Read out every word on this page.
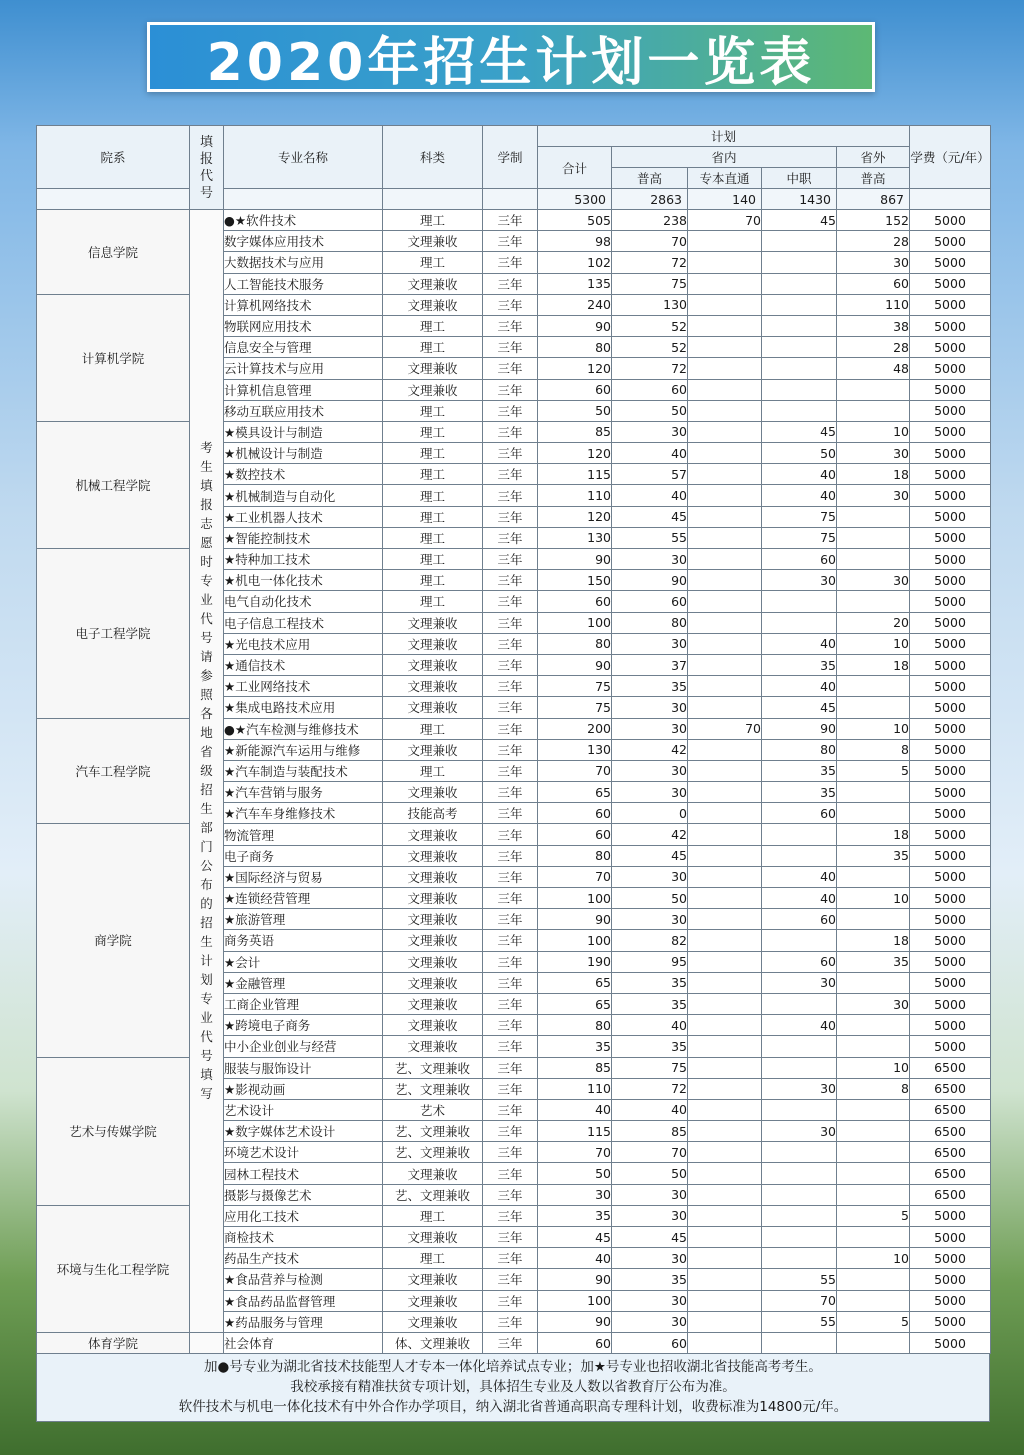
2020年招生计划一览表
院系	填报代号	专业名称	科类	学制	计划					学费（元/年）
					合计	省内			省外	
						普高	专本直通	中职	普高	
					5300	2863	140	1430	867	
信息学院	考生填报志愿时专业代号请参照各地省级招生部门公布的招生计划专业代号填写	●★软件技术	理工	三年	505	238	70	45	152	5000
		数字媒体应用技术	文理兼收	三年	98	70			28	5000
		大数据技术与应用	理工	三年	102	72			30	5000
		人工智能技术服务	文理兼收	三年	135	75			60	5000
计算机学院		计算机网络技术	文理兼收	三年	240	130			110	5000
		物联网应用技术	理工	三年	90	52			38	5000
		信息安全与管理	理工	三年	80	52			28	5000
		云计算技术与应用	文理兼收	三年	120	72			48	5000
		计算机信息管理	文理兼收	三年	60	60				5000
		移动互联应用技术	理工	三年	50	50				5000
机械工程学院		★模具设计与制造	理工	三年	85	30		45	10	5000
		★机械设计与制造	理工	三年	120	40		50	30	5000
		★数控技术	理工	三年	115	57		40	18	5000
		★机械制造与自动化	理工	三年	110	40		40	30	5000
		★工业机器人技术	理工	三年	120	45		75		5000
		★智能控制技术	理工	三年	130	55		75		5000
电子工程学院		★特种加工技术	理工	三年	90	30		60		5000
		★机电一体化技术	理工	三年	150	90		30	30	5000
		电气自动化技术	理工	三年	60	60				5000
		电子信息工程技术	文理兼收	三年	100	80			20	5000
		★光电技术应用	文理兼收	三年	80	30		40	10	5000
		★通信技术	文理兼收	三年	90	37		35	18	5000
		★工业网络技术	文理兼收	三年	75	35		40		5000
		★集成电路技术应用	文理兼收	三年	75	30		45		5000
汽车工程学院		●★汽车检测与维修技术	理工	三年	200	30	70	90	10	5000
		★新能源汽车运用与维修	文理兼收	三年	130	42		80	8	5000
		★汽车制造与装配技术	理工	三年	70	30		35	5	5000
		★汽车营销与服务	文理兼收	三年	65	30		35		5000
		★汽车车身维修技术	技能高考	三年	60	0		60		5000
商学院		物流管理	文理兼收	三年	60	42			18	5000
		电子商务	文理兼收	三年	80	45			35	5000
		★国际经济与贸易	文理兼收	三年	70	30		40		5000
		★连锁经营管理	文理兼收	三年	100	50		40	10	5000
		★旅游管理	文理兼收	三年	90	30		60		5000
		商务英语	文理兼收	三年	100	82			18	5000
		★会计	文理兼收	三年	190	95		60	35	5000
		★金融管理	文理兼收	三年	65	35		30		5000
		工商企业管理	文理兼收	三年	65	35			30	5000
		★跨境电子商务	文理兼收	三年	80	40		40		5000
		中小企业创业与经营	文理兼收	三年	35	35				5000
艺术与传媒学院		服装与服饰设计	艺、文理兼收	三年	85	75			10	6500
		★影视动画	艺、文理兼收	三年	110	72		30	8	6500
		艺术设计	艺术	三年	40	40				6500
		★数字媒体艺术设计	艺、文理兼收	三年	115	85		30		6500
		环境艺术设计	艺、文理兼收	三年	70	70				6500
		园林工程技术	文理兼收	三年	50	50				6500
		摄影与摄像艺术	艺、文理兼收	三年	30	30				6500
环境与生化工程学院		应用化工技术	理工	三年	35	30			5	5000
		商检技术	文理兼收	三年	45	45				5000
		药品生产技术	理工	三年	40	30			10	5000
		★食品营养与检测	文理兼收	三年	90	35		55		5000
		★食品药品监督管理	文理兼收	三年	100	30		70		5000
		★药品服务与管理	文理兼收	三年	90	30		55	5	5000
体育学院		社会体育	体、文理兼收	三年	60	60				5000
加●号专业为湖北省技术技能型人才专本一体化培养试点专业；加★号专业也招收湖北省技能高考考生。
我校承接有精准扶贫专项计划，具体招生专业及人数以省教育厅公布为准。
软件技术与机电一体化技术有中外合作办学项目，纳入湖北省普通高职高专理科计划，收费标准为14800元/年。
